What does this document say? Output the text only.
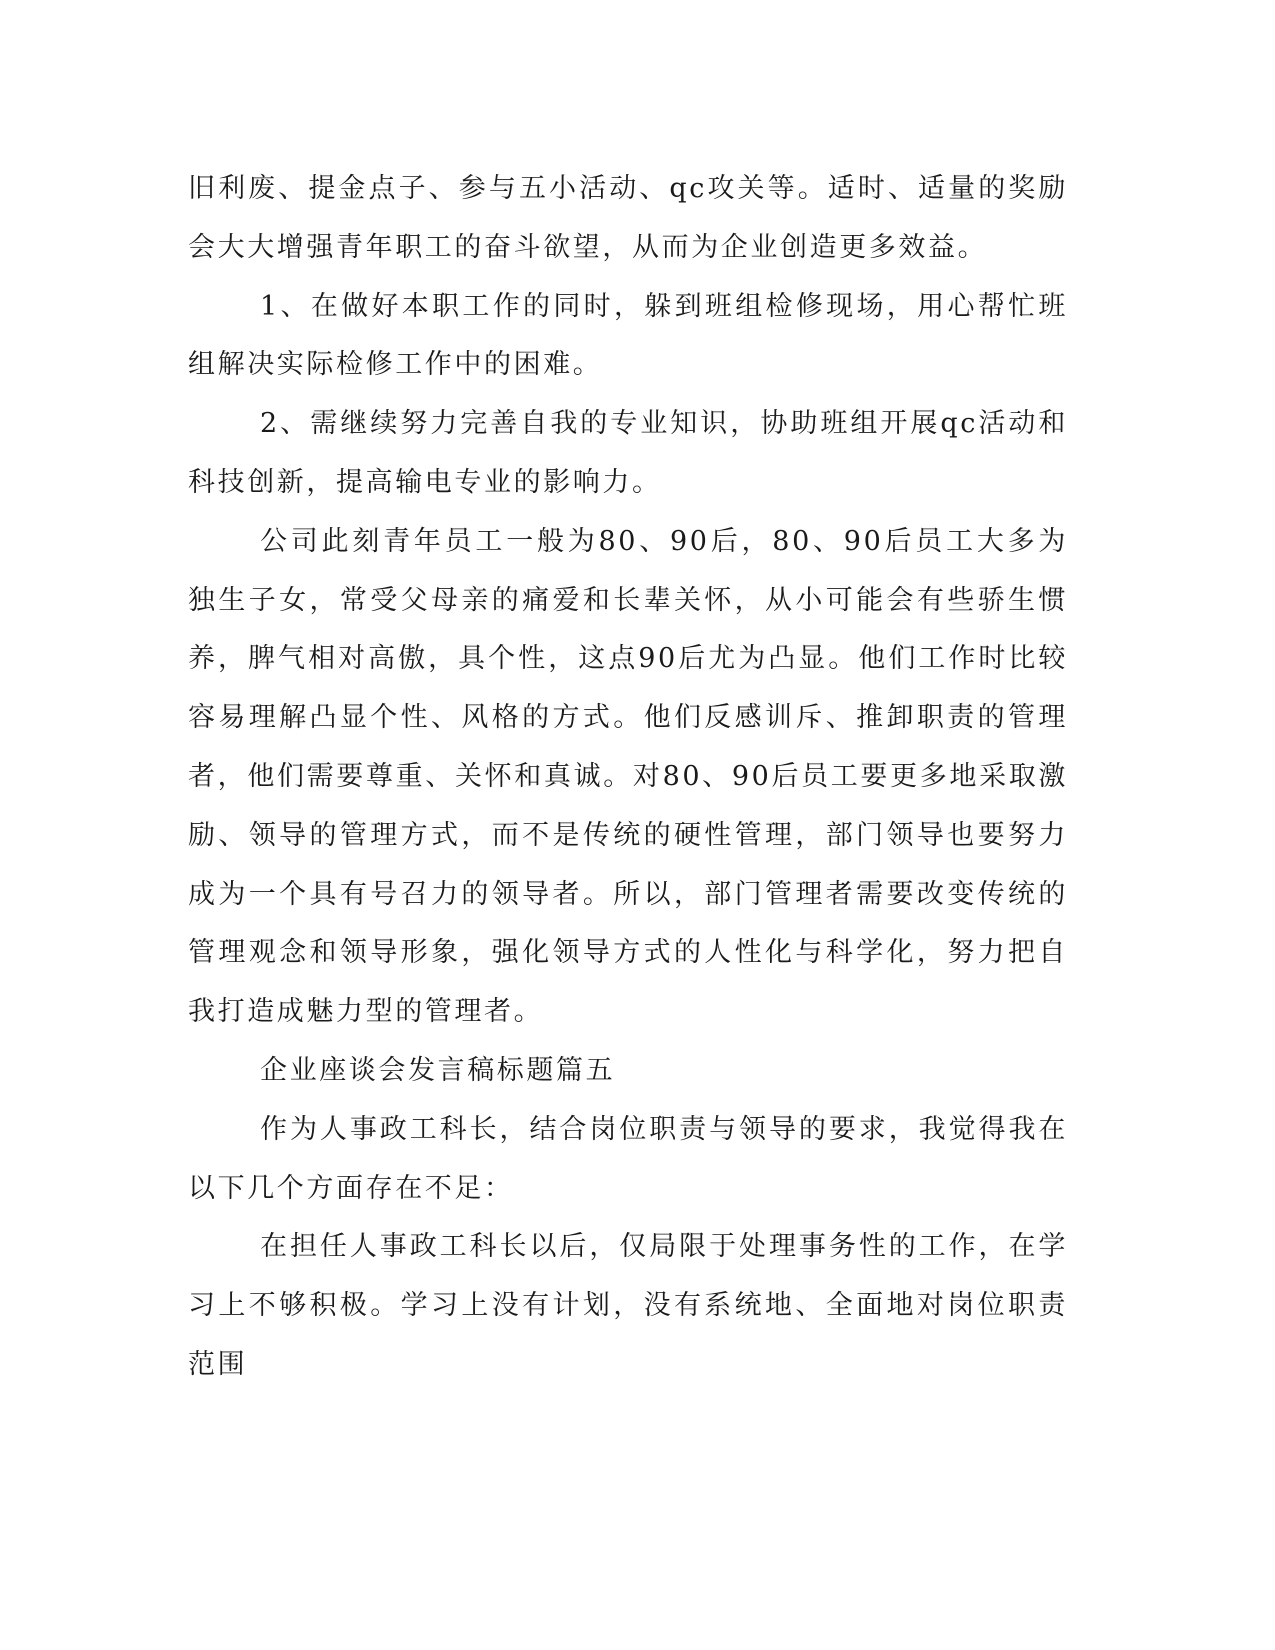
旧利废、提金点子、参与五小活动、qc攻关等。适时、适量的奖励会大大增强青年职工的奋斗欲望，从而为企业创造更多效益。

1、在做好本职工作的同时，躲到班组检修现场，用心帮忙班组解决实际检修工作中的困难。

2、需继续努力完善自我的专业知识，协助班组开展qc活动和科技创新，提高输电专业的影响力。

公司此刻青年员工一般为80、90后，80、90后员工大多为独生子女，常受父母亲的痛爱和长辈关怀，从小可能会有些骄生惯养，脾气相对高傲，具个性，这点90后尤为凸显。他们工作时比较容易理解凸显个性、风格的方式。他们反感训斥、推卸职责的管理者，他们需要尊重、关怀和真诚。对80、90后员工要更多地采取激励、领导的管理方式，而不是传统的硬性管理，部门领导也要努力成为一个具有号召力的领导者。所以，部门管理者需要改变传统的管理观念和领导形象，强化领导方式的人性化与科学化，努力把自我打造成魅力型的管理者。

企业座谈会发言稿标题篇五

作为人事政工科长，结合岗位职责与领导的要求，我觉得我在以下几个方面存在不足：

在担任人事政工科长以后，仅局限于处理事务性的工作，在学习上不够积极。学习上没有计划，没有系统地、全面地对岗位职责范围
